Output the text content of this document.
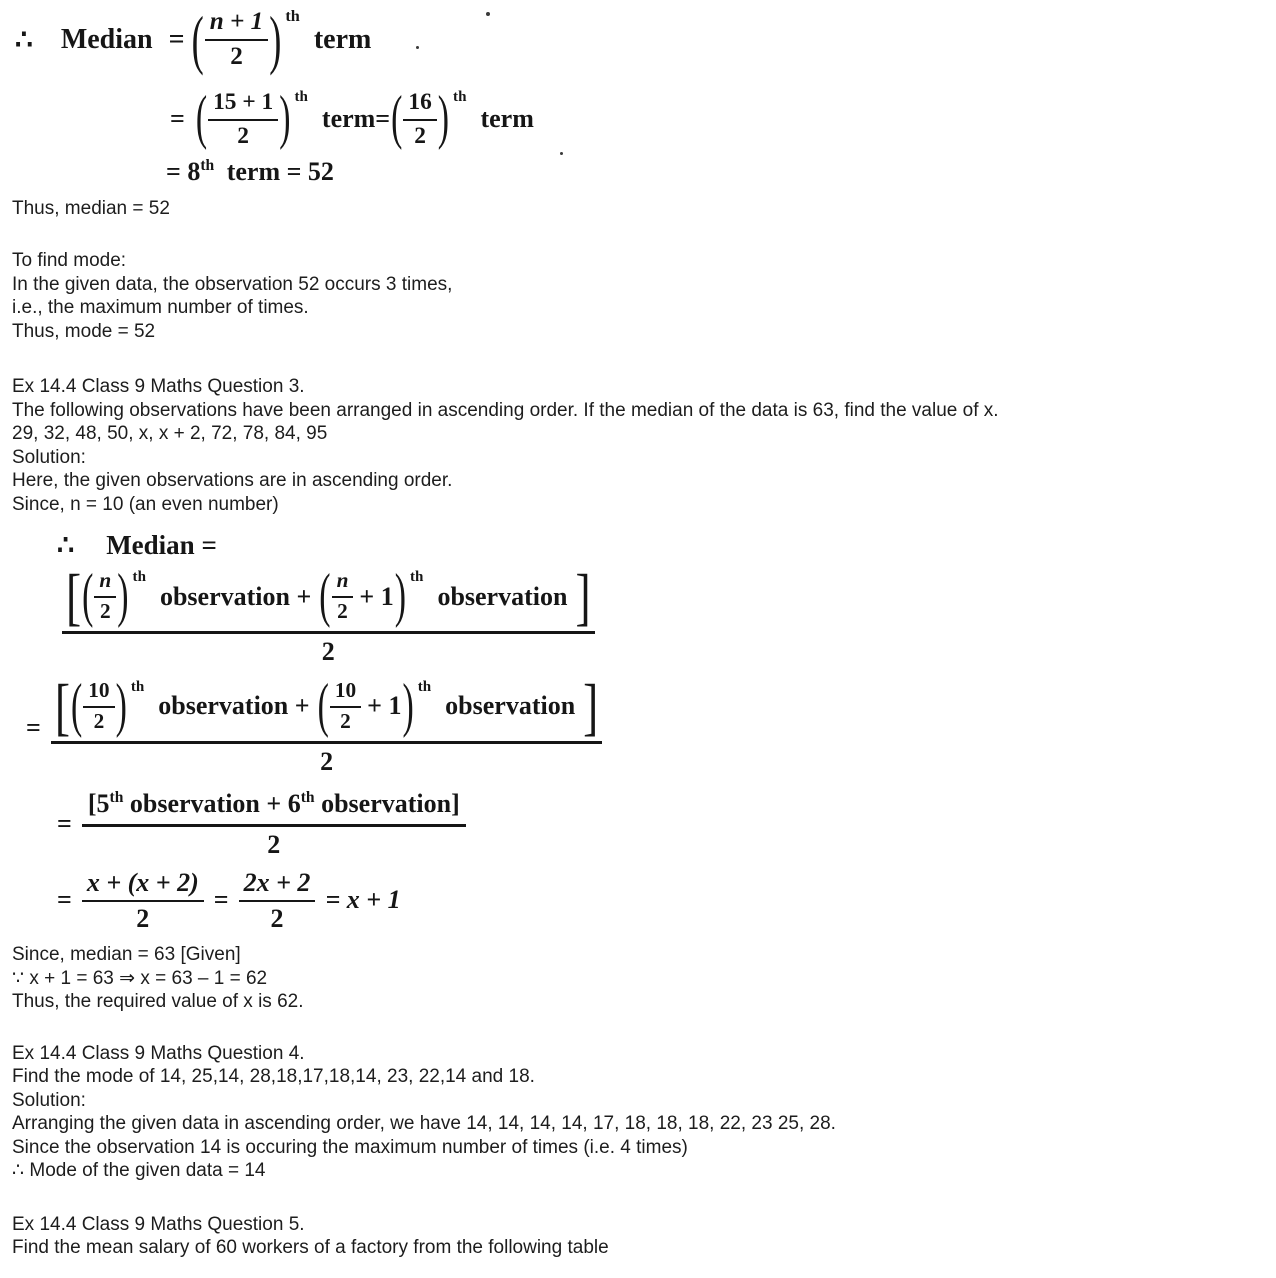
∴ Median = ( $\frac{n + 1}{2}$ ) th
term
= ( $\frac{15 + 1}{2}$ ) th
term= ( $\frac{16}{2}$ ) th
term
= 8th term = 52

Thus, median = 52

To find mode:

In the given data, the observation 52 occurs 3 times,

i.e., the maximum number of times.

Thus, mode = 52

Ex 14.4 Class 9 Maths Question 3.

The following observations have been arranged in ascending order. If the median of the data is 63, find the value of x.

29, 32, 48, 50, x, x + 2, 72, 78, 84, 95

Solution:

Here, the given observations are in ascending order.

Since, n = 10 (an even number)

∴ Median =
[ ( $\frac{n}{2}$ ) th
observation + ( $\frac{n}{2} + 1$ ) th
observation ]
2
= [ ( $\frac{10}{2}$ ) th
observation + ( $\frac{10}{2} + 1$ ) th
observation ]
2
=
[5th observation + 6th observation]
2
= $\frac{x + (x + 2)}{2} = \frac{2x + 2}{2} = x + 1$

Since, median = 63 [Given]

∵ x + 1 = 63 ⇒ x = 63 – 1 = 62

Thus, the required value of x is 62.

Ex 14.4 Class 9 Maths Question 4.

Find the mode of 14, 25,14, 28,18,17,18,14, 23, 22,14 and 18.

Solution:

Arranging the given data in ascending order, we have 14, 14, 14, 14, 17, 18, 18, 18, 22, 23 25, 28.

Since the observation 14 is occuring the maximum number of times (i.e. 4 times)

∴ Mode of the given data = 14

Ex 14.4 Class 9 Maths Question 5.

Find the mean salary of 60 workers of a factory from the following table
